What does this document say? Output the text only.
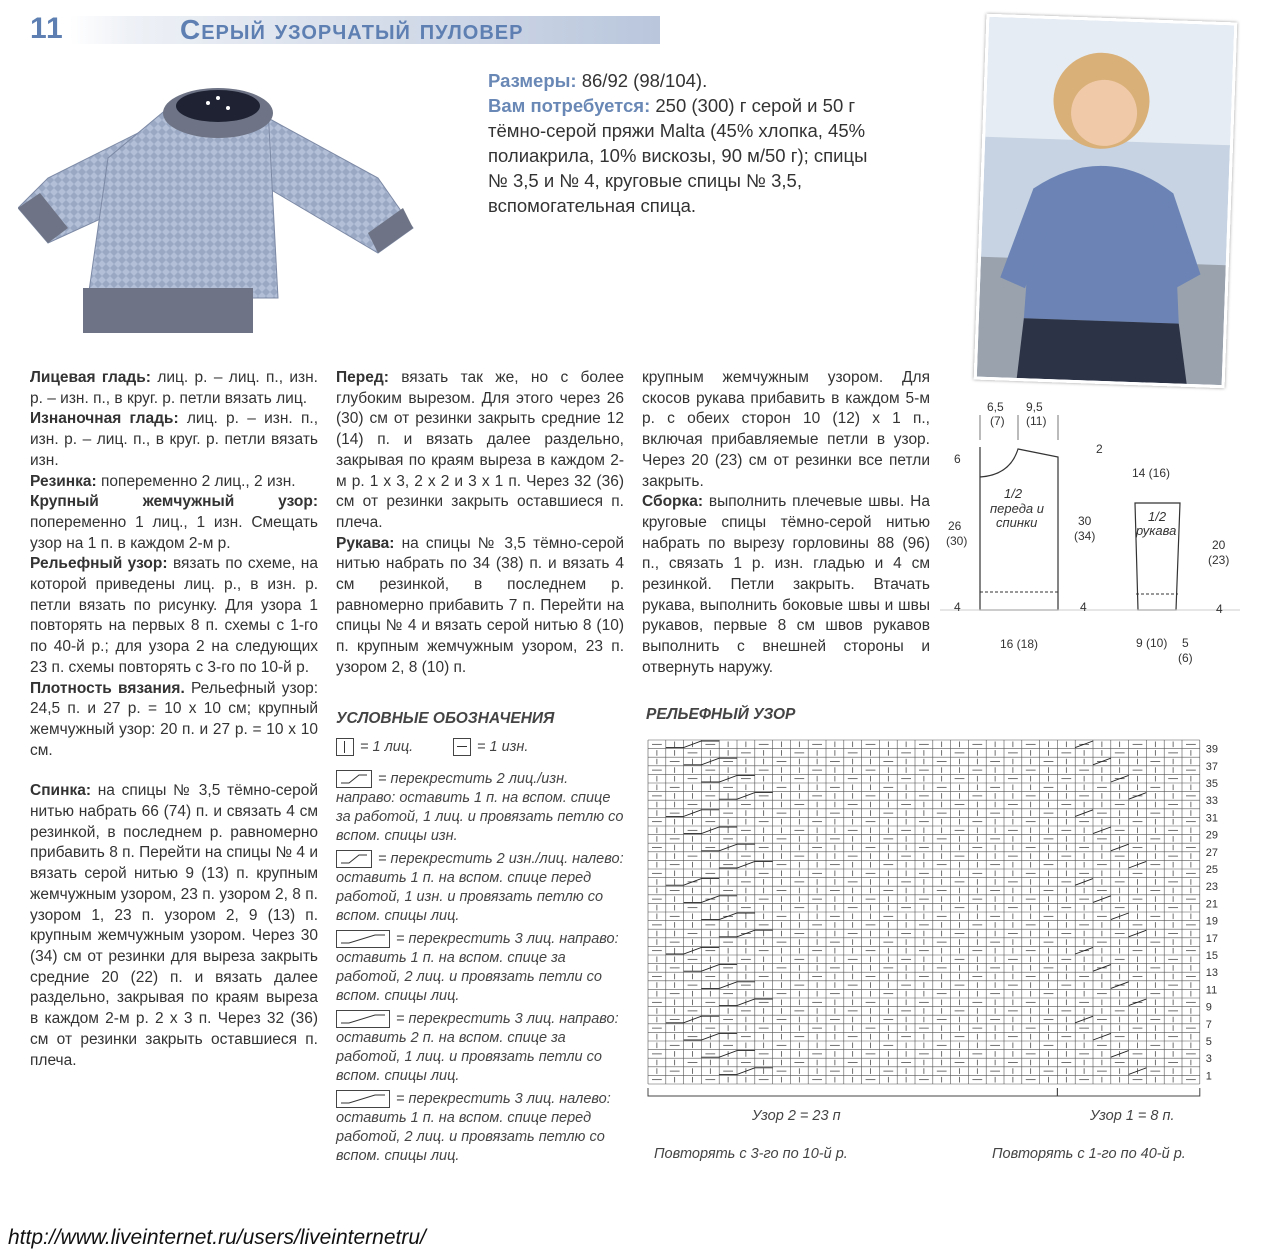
11	Серый узорчатый пуловер
Размеры: 86/92 (98/104).
Вам потребуется: 250 (300) г серой и 50 г тёмно-серой пряжи Malta (45% хлопка, 45% полиакрила, 10% вискозы, 90 м/50 г); спицы № 3,5 и № 4, круговые спицы № 3,5, вспомогательная спица.

Лицевая гладь: лиц. р. – лиц. п., изн. р. – изн. п., в круг. р. петли вязать лиц.

Изнаночная гладь: лиц. р. – изн. п., изн. р. – лиц. п., в круг. р. петли вязать изн.

Резинка: попеременно 2 лиц., 2 изн.

Крупный жемчужный узор: попеременно 1 лиц., 1 изн. Смещать узор на 1 п. в каждом 2-м р.

Рельефный узор: вязать по схеме, на которой приведены лиц. р., в изн. р. петли вязать по рисунку. Для узора 1 повторять на первых 8 п. схемы с 1-го по 40-й р.; для узора 2 на следующих 23 п. схемы повторять с 3-го по 10-й р.

Плотность вязания. Рельефный узор: 24,5 п. и 27 р. = 10 x 10 см; крупный жемчужный узор: 20 п. и 27 р. = 10 x 10 см.

Спинка: на спицы № 3,5 тёмно-серой нитью набрать 66 (74) п. и связать 4 см резинкой, в последнем р. равномерно прибавить 8 п. Перейти на спицы № 4 и вязать серой нитью 9 (13) п. крупным жемчужным узором, 23 п. узором 2, 8 п. узором 1, 23 п. узором 2, 9 (13) п. крупным жемчужным узором. Через 30 (34) см от резинки для выреза закрыть средние 20 (22) п. и вязать далее раздельно, закрывая по краям выреза в каждом 2-м р. 2 x 3 п. Через 32 (36) см от резинки закрыть оставшиеся п. плеча.

Перед: вязать так же, но с более глубоким вырезом. Для этого через 26 (30) см от резинки закрыть средние 12 (14) п. и вязать далее раздельно, закрывая по краям выреза в каждом 2-м р. 1 x 3, 2 x 2 и 3 x 1 п. Через 32 (36) см от резинки закрыть оставшиеся п. плеча.

Рукава: на спицы № 3,5 тёмно-серой нитью набрать по 34 (38) п. и вязать 4 см резинкой, в последнем р. равномерно прибавить 7 п. Перейти на спицы № 4 и вязать серой нитью 8 (10) п. крупным жемчужным узором, 23 п. узором 2, 8 (10) п.

крупным жемчужным узором. Для скосов рукава прибавить в каждом 5-м р. с обеих сторон 10 (12) x 1 п., включая прибавляемые петли в узор. Через 20 (23) см от резинки все петли закрыть.

Сборка: выполнить плечевые швы. На круговые спицы тёмно-серой нитью набрать по вырезу горловины 88 (96) п., связать 1 р. изн. гладью и 4 см резинкой. Петли закрыть. Втачать рукава, выполнить боковые швы и швы рукавов, первые 8 см швов рукавов выполнить с внешней стороны и отвернуть наружу.

6,5
(7)
9,5
(11)
6
2
26
(30)
30
(34)
4	4
16 (18)
1/2
переда и
спинки
14 (16)
1/2
рукава
20
(23)
4
9 (10) 5
(6)
УСЛОВНЫЕ ОБОЗНАЧЕНИЯ
= 1 лиц.	= 1 изн.
= перекрестить 2 лиц./изн. направо: оставить 1 п. на вспом. спице за работой, 1 лиц. и провязать петлю со вспом. спицы изн.
= перекрестить 2 изн./лиц. налево: оставить 1 п. на вспом. спице перед работой, 1 изн. и провязать петлю со вспом. спицы лиц.
= перекрестить 3 лиц. направо: оставить 1 п. на вспом. спице за работой, 2 лиц. и провязать петли со вспом. спицы лиц.
= перекрестить 3 лиц. направо: оставить 2 п. на вспом. спице за работой, 1 лиц. и провязать петли со вспом. спицы лиц.
= перекрестить 3 лиц. налево: оставить 1 п. на вспом. спице перед работой, 2 лиц. и провязать петлю со вспом. спицы лиц.
РЕЛЬЕФНЫЙ УЗОР
39
37
35
33
31
29
27
25
23
21
19
17
15
13
11
9
7
5
3
1
Узор 2 = 23 п	Узор 1 = 8 п.
Повторять с 3-го по 10-й р.	Повторять с 1-го по 40-й р.
http://www.liveinternet.ru/users/liveinternetru/
